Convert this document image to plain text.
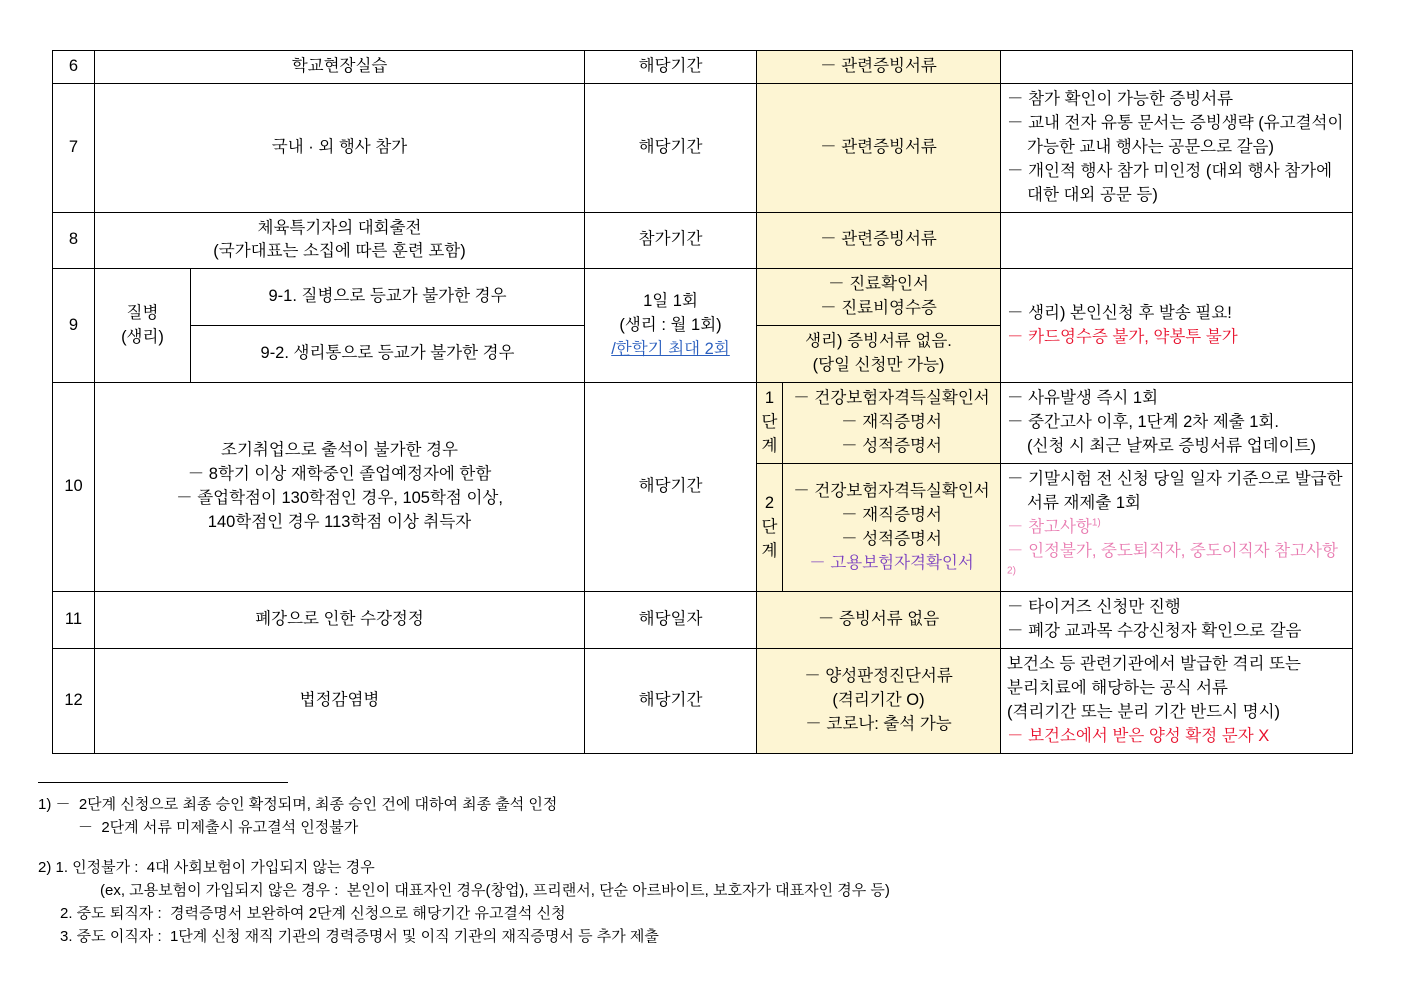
6	학교현장실습		해당기간	－ 관련증빙서류		
7	국내 · 외 행사 참가		해당기간	－ 관련증빙서류		－ 참가 확인이 가능한 증빙서류
－ 교내 전자 유통 문서는 증빙생략 (유고결석이
가능한 교내 행사는 공문으로 갈음)
－ 개인적 행사 참가 미인정 (대외 행사 참가에
대한 대외 공문 등)

8	체육특기자의 대회출전
(국가대표는 소집에 따른 훈련 포함)		참가기간	－ 관련증빙서류		
9	질병
(생리)	9-1. 질병으로 등교가 불가한 경우	1일 1회
(생리 : 월 1회)
/한학기 최대 2회	－ 진료확인서
－ 진료비영수증		－ 생리) 본인신청 후 발송 필요!
－ 카드영수증 불가, 약봉투 불가

		9-2. 생리통으로 등교가 불가한 경우		생리) 증빙서류 없음.
(당일 신청만 가능)		

10	조기취업으로 출석이 불가한 경우
－ 8학기 이상 재학중인 졸업예정자에 한함
－ 졸업학점이 130학점인 경우, 105학점 이상,
140학점인 경우 113학점 이상 취득자		해당기간	1 단 계	－ 건강보험자격득실확인서
－ 재직증명서
－ 성적증명서	－ 사유발생 즉시 1회
－ 중간고사 이후, 1단계 2차 제출 1회.
(신청 시 최근 날짜로 증빙서류 업데이트)

				2 단 계	－ 건강보험자격득실확인서
－ 재직증명서
－ 성적증명서
－ 고용보험자격확인서	－ 기말시험 전 신청 당일 일자 기준으로 발급한
서류 재제출 1회
－ 참고사항$^{1)}$
－ 인정불가, 중도퇴직자, 중도이직자 참고사항$^{2)}$

11	폐강으로 인한 수강정정		해당일자	－ 증빙서류 없음		－ 타이거즈 신청만 진행
－ 폐강 교과목 수강신청자 확인으로 갈음

12	법정감염병		해당기간	－ 양성판정진단서류
(격리기간 O)
－ 코로나: 출석 가능		보건소 등 관련기관에서 발급한 격리 또는
분리치료에 해당하는 공식 서류
(격리기간 또는 분리 기간 반드시 명시)
－ 보건소에서 받은 양성 확정 문자 X
1) －  2단계 신청으로 최종 승인 확정되며, 최종 승인 건에 대하여 최종 출석 인정
－  2단계 서류 미제출시 유고결석 인정불가
2) 1. 인정불가 :  4대 사회보험이 가입되지 않는 경우
(ex, 고용보험이 가입되지 않은 경우 :  본인이 대표자인 경우(창업), 프리랜서, 단순 아르바이트, 보호자가 대표자인 경우 등)
2. 중도 퇴직자 :  경력증명서 보완하여 2단계 신청으로 해당기간 유고결석 신청
3. 중도 이직자 :  1단계 신청 재직 기관의 경력증명서 및 이직 기관의 재직증명서 등 추가 제출
